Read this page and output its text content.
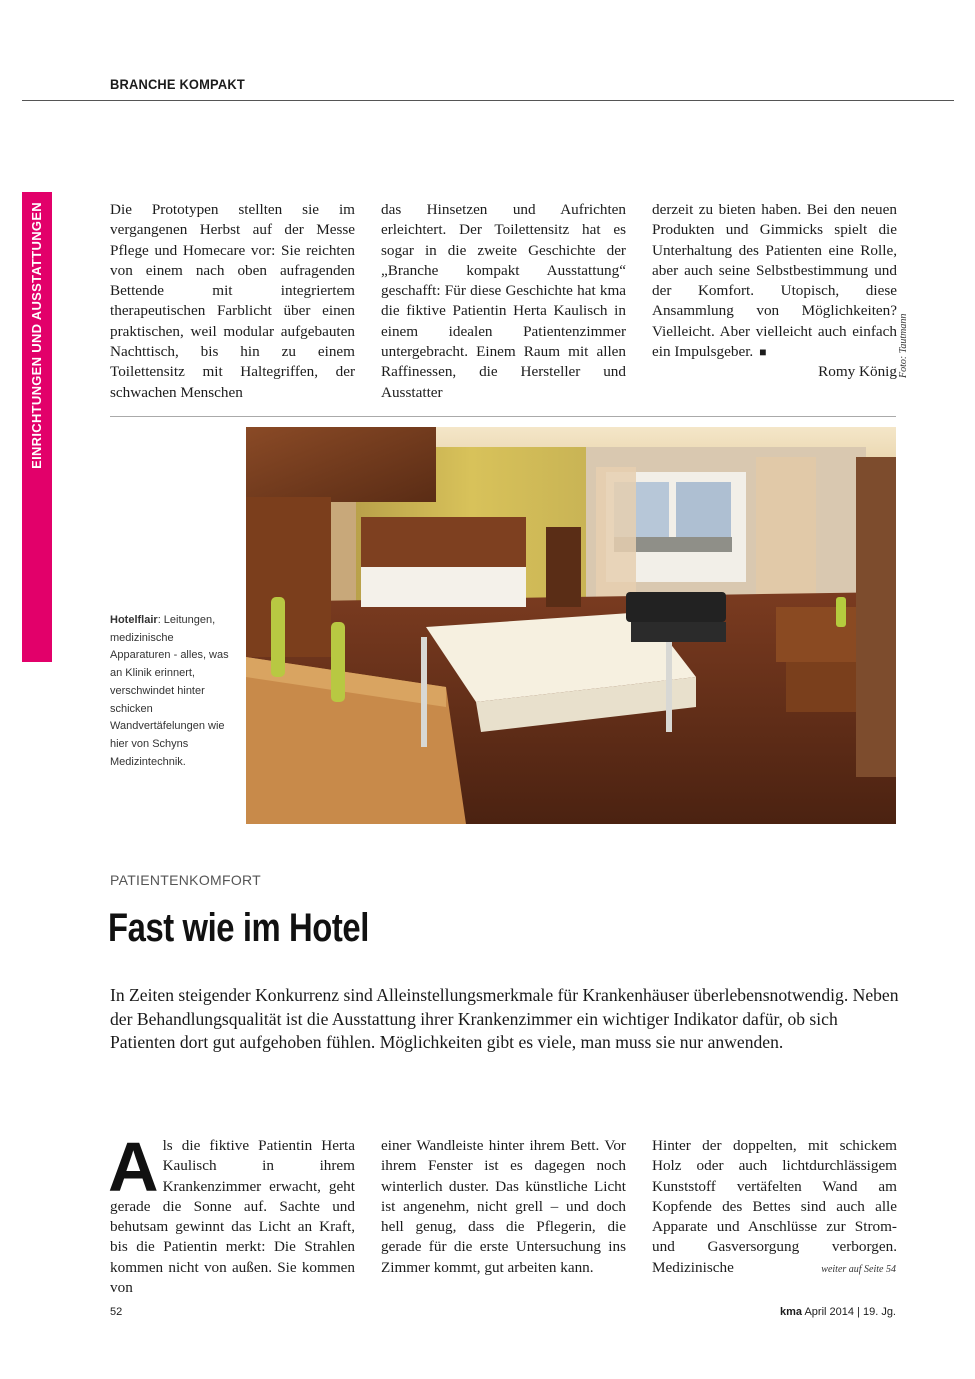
BRANCHE KOMPAKT
EINRICHTUNGEN UND AUSSTATTUNGEN	Die Prototypen stellten sie im vergangenen Herbst auf der Messe Pflege und Homecare vor: Sie reichten von einem nach oben aufragenden Bettende mit integriertem therapeutischen Farblicht über einen praktischen, weil modular aufgebauten Nachttisch, bis hin zu einem Toilettensitz mit Haltegriffen, der schwachen Menschen

das Hinsetzen und Aufrichten erleichtert. Der Toilettensitz hat es sogar in die zweite Geschichte der „Branche kompakt Ausstattung“ geschafft: Für diese Geschichte hat kma die fiktive Patientin Herta Kaulisch in einem idealen Patientenzimmer untergebracht. Einem Raum mit allen Raffinessen, die Hersteller und Ausstatter

derzeit zu bieten haben. Bei den neuen Produkten und Gimmicks spielt die Unterhaltung des Patienten eine Rolle, aber auch seine Selbstbestimmung und der Komfort. Utopisch, diese Ansammlung von Möglichkeiten? Vielleicht. Aber vielleicht auch einfach ein Impulsgeber. ■

Romy König Foto: Tautmann
Hotelflair: Leitungen, medizinische Apparaturen - alles, was an Klinik erinnert, verschwindet hinter schicken Wandvertäfelungen wie hier von Schyns Medizintechnik.
PATIENTENKOMFORT
Fast wie im Hotel
In Zeiten steigender Konkurrenz sind Alleinstellungsmerkmale für Krankenhäuser überlebensnotwendig. Neben der Behandlungsqualität ist die Ausstattung ihrer Krankenzimmer ein wichtiger Indikator dafür, ob sich Patienten dort gut aufgehoben fühlen. Möglichkeiten gibt es viele, man muss sie nur anwenden.
Als die fiktive Patientin Herta Kaulisch in ihrem Krankenzimmer erwacht, geht gerade die Sonne auf. Sachte und behutsam gewinnt das Licht an Kraft, bis die Patientin merkt: Die Strahlen kommen nicht von außen. Sie kommen von
einer Wandleiste hinter ihrem Bett. Vor ihrem Fenster ist es dagegen noch winterlich duster. Das künstliche Licht ist angenehm, nicht grell – und doch hell genug, dass die Pflegerin, die gerade für die erste Untersuchung ins Zimmer kommt, gut arbeiten kann.
Hinter der doppelten, mit schickem Holz oder auch lichtdurchlässigem Kunststoff vertäfelten Wand am Kopfende des Bettes sind auch alle Apparate und Anschlüsse zur Strom- und Gasversorgung verborgen. Medizinische	weiter auf Seite 54
52	kma April 2014 | 19. Jg.
